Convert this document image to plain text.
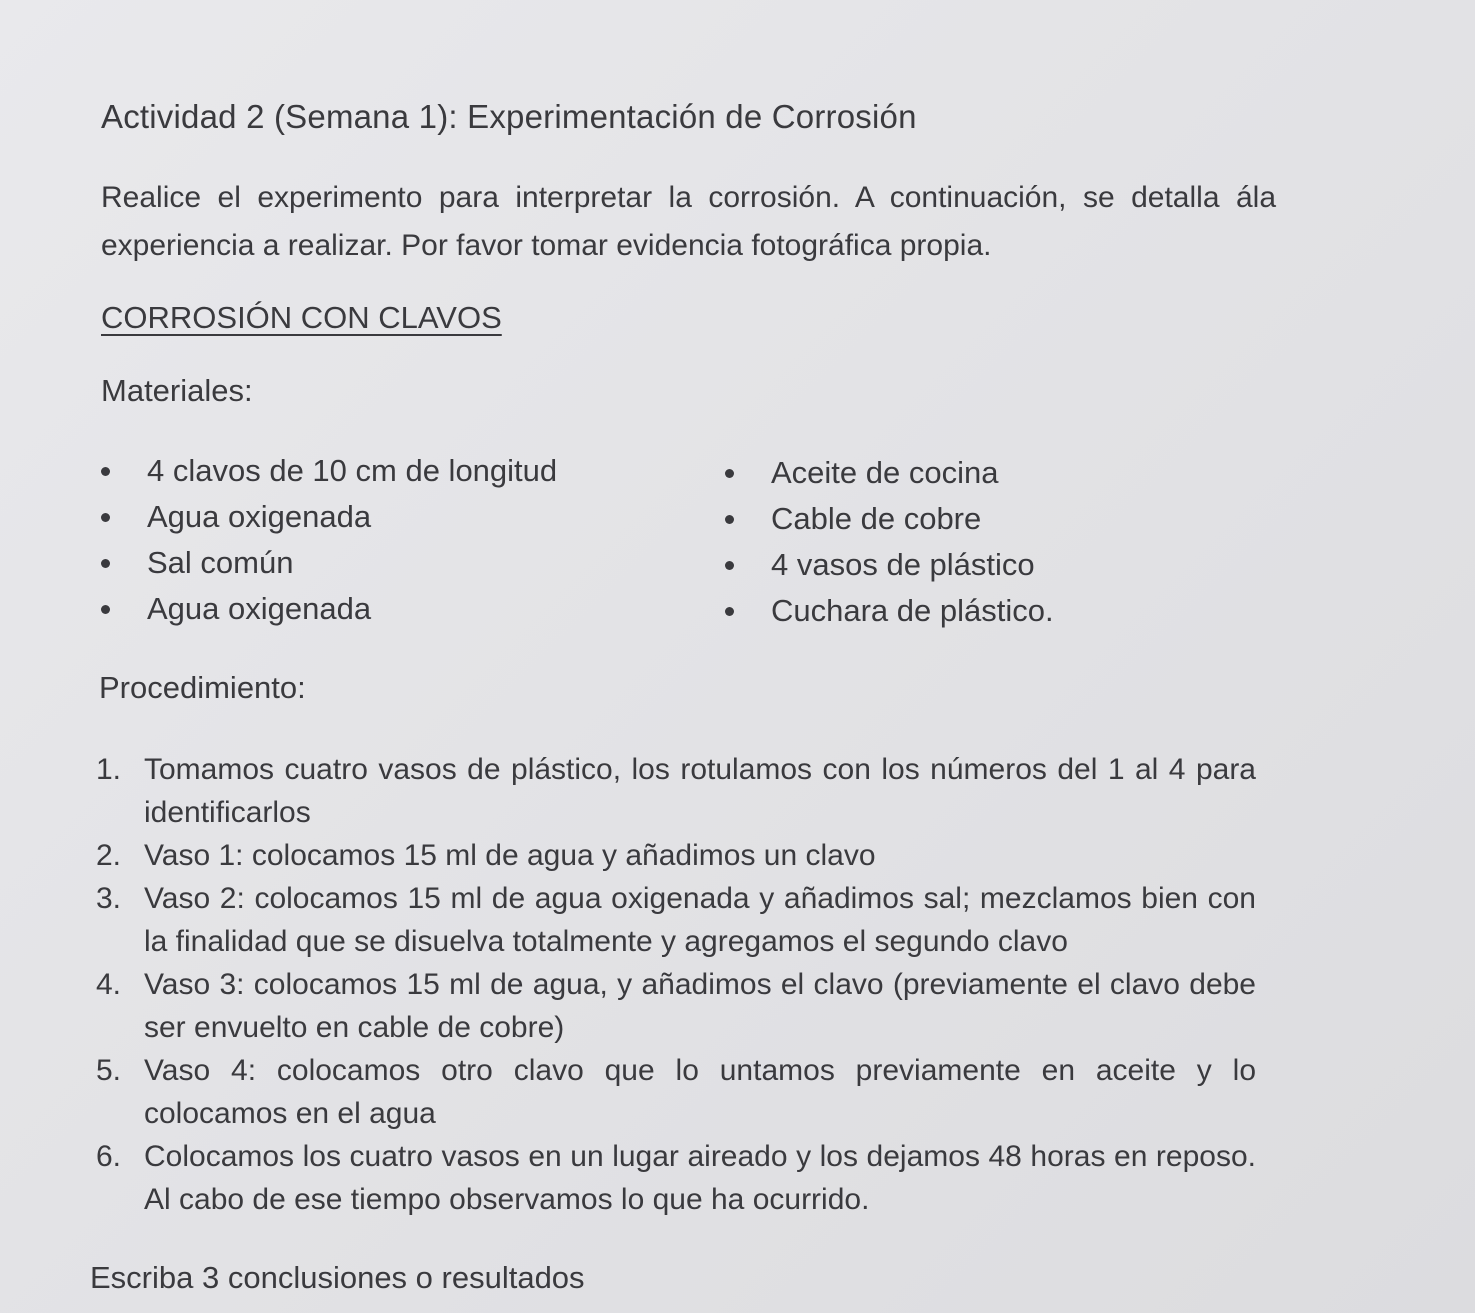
Actividad 2 (Semana 1): Experimentación de Corrosión
Realice el experimento para interpretar la corrosión. A continuación, se detalla ála experiencia a realizar. Por favor tomar evidencia fotográfica propia.
CORROSIÓN CON CLAVOS
Materiales:
4 clavos de 10 cm de longitud
Agua oxigenada
Sal común
Agua oxigenada
Aceite de cocina
Cable de cobre
4 vasos de plástico
Cuchara de plástico.
Procedimiento:
1. Tomamos cuatro vasos de plástico, los rotulamos con los números del 1 al 4 para identificarlos
2. Vaso 1: colocamos 15 ml de agua y añadimos un clavo
3. Vaso 2: colocamos 15 ml de agua oxigenada y añadimos sal; mezclamos bien con la finalidad que se disuelva totalmente y agregamos el segundo clavo
4. Vaso 3: colocamos 15 ml de agua, y añadimos el clavo (previamente el clavo debe ser envuelto en cable de cobre)
5. Vaso 4: colocamos otro clavo que lo untamos previamente en aceite y lo colocamos en el agua
6. Colocamos los cuatro vasos en un lugar aireado y los dejamos 48 horas en reposo. Al cabo de ese tiempo observamos lo que ha ocurrido.
Escriba 3 conclusiones o resultados
